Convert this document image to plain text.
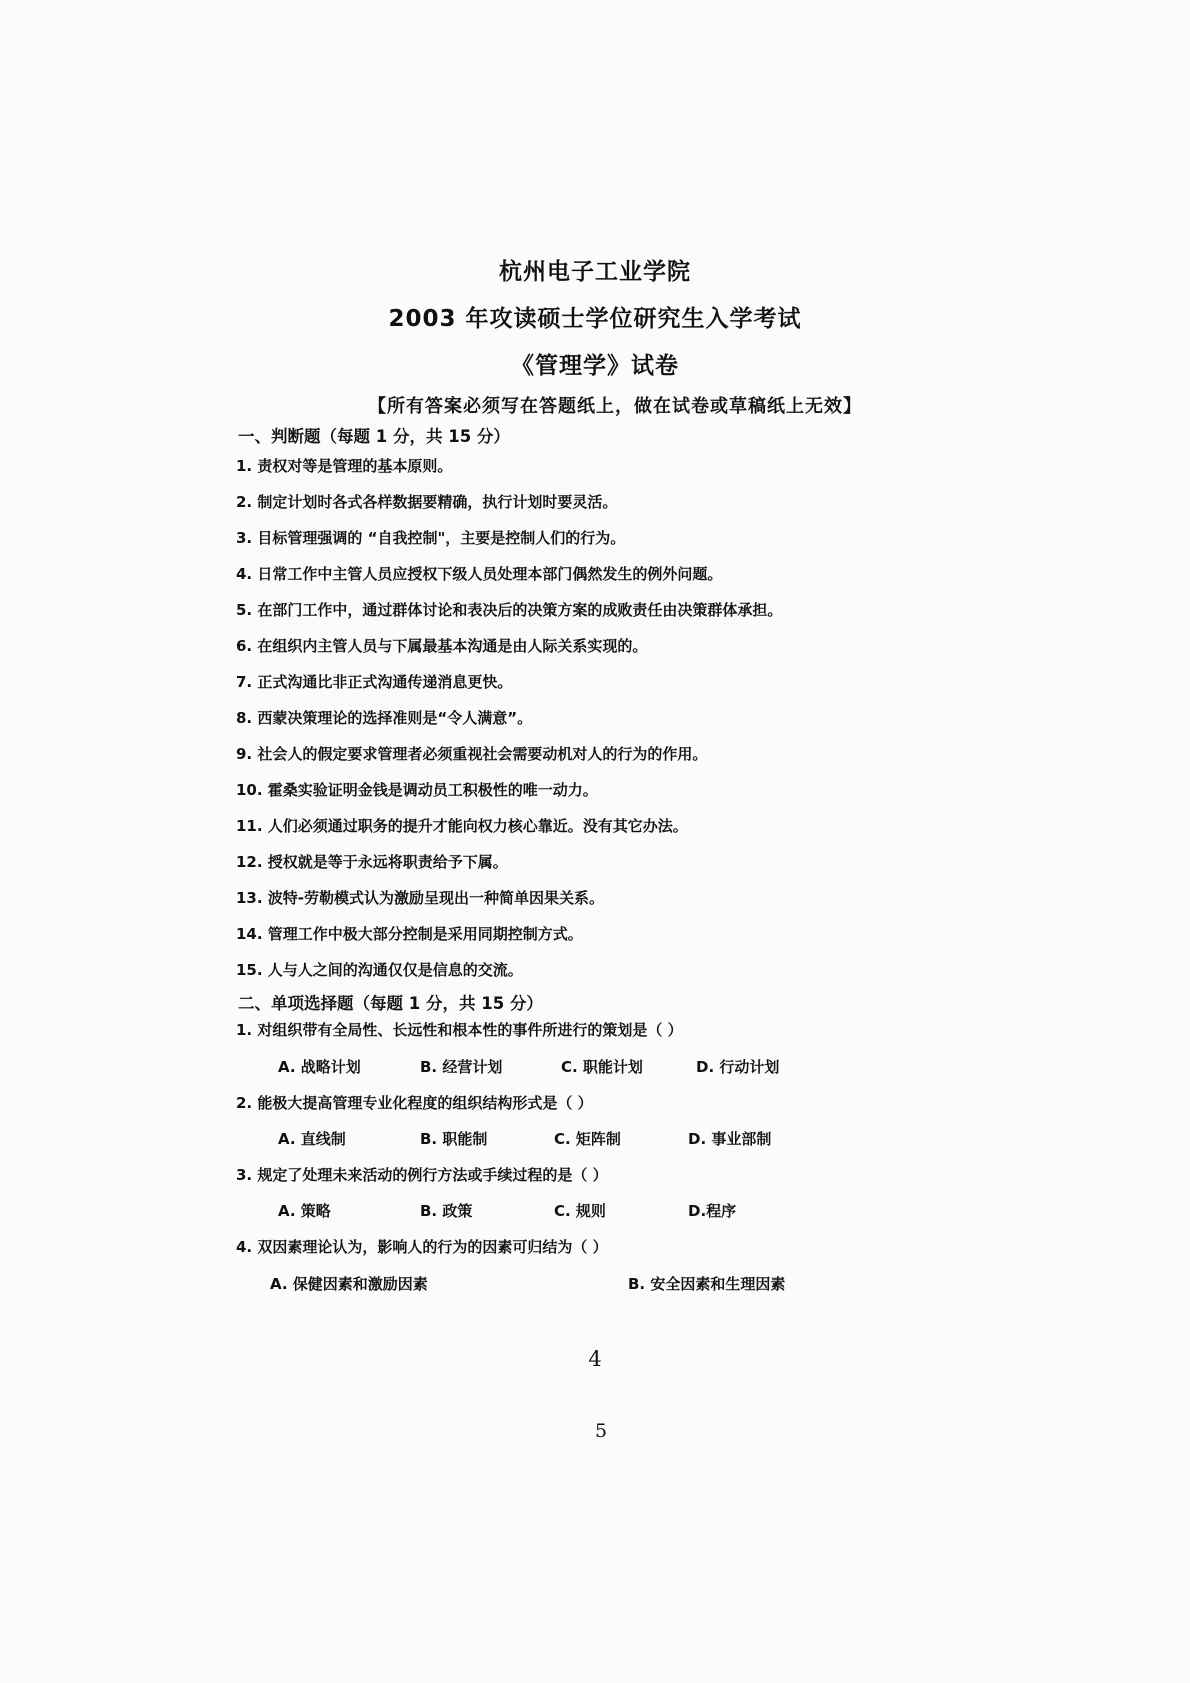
杭州电子工业学院
2003 年攻读硕士学位研究生入学考试
《管理学》试卷
【所有答案必须写在答题纸上，做在试卷或草稿纸上无效】
一、判断题（每题 1 分，共 15 分）
1. 责权对等是管理的基本原则。
2. 制定计划时各式各样数据要精确，执行计划时要灵活。
3. 目标管理强调的 “自我控制"，主要是控制人们的行为。
4. 日常工作中主管人员应授权下级人员处理本部门偶然发生的例外问题。
5. 在部门工作中，通过群体讨论和表决后的决策方案的成败责任由决策群体承担。
6. 在组织内主管人员与下属最基本沟通是由人际关系实现的。
7. 正式沟通比非正式沟通传递消息更快。
8. 西蒙决策理论的选择准则是“令人满意”。
9. 社会人的假定要求管理者必须重视社会需要动机对人的行为的作用。
10. 霍桑实验证明金钱是调动员工积极性的唯一动力。
11. 人们必须通过职务的提升才能向权力核心靠近。没有其它办法。
12. 授权就是等于永远将职责给予下属。
13. 波特-劳勒模式认为激励呈现出一种简单因果关系。
14. 管理工作中极大部分控制是采用同期控制方式。
15. 人与人之间的沟通仅仅是信息的交流。
二、单项选择题（每题 1 分，共 15 分）
1. 对组织带有全局性、长远性和根本性的事件所进行的策划是（ ）
A. 战略计划	B. 经营计划	C. 职能计划	D. 行动计划
2. 能极大提高管理专业化程度的组织结构形式是（ ）
A. 直线制	B. 职能制	C. 矩阵制	D. 事业部制
3. 规定了处理未来活动的例行方法或手续过程的是（ ）
A. 策略	B. 政策	C. 规则	D.程序
4. 双因素理论认为，影响人的行为的因素可归结为（ ）
A. 保健因素和激励因素	B. 安全因素和生理因素
4
5
